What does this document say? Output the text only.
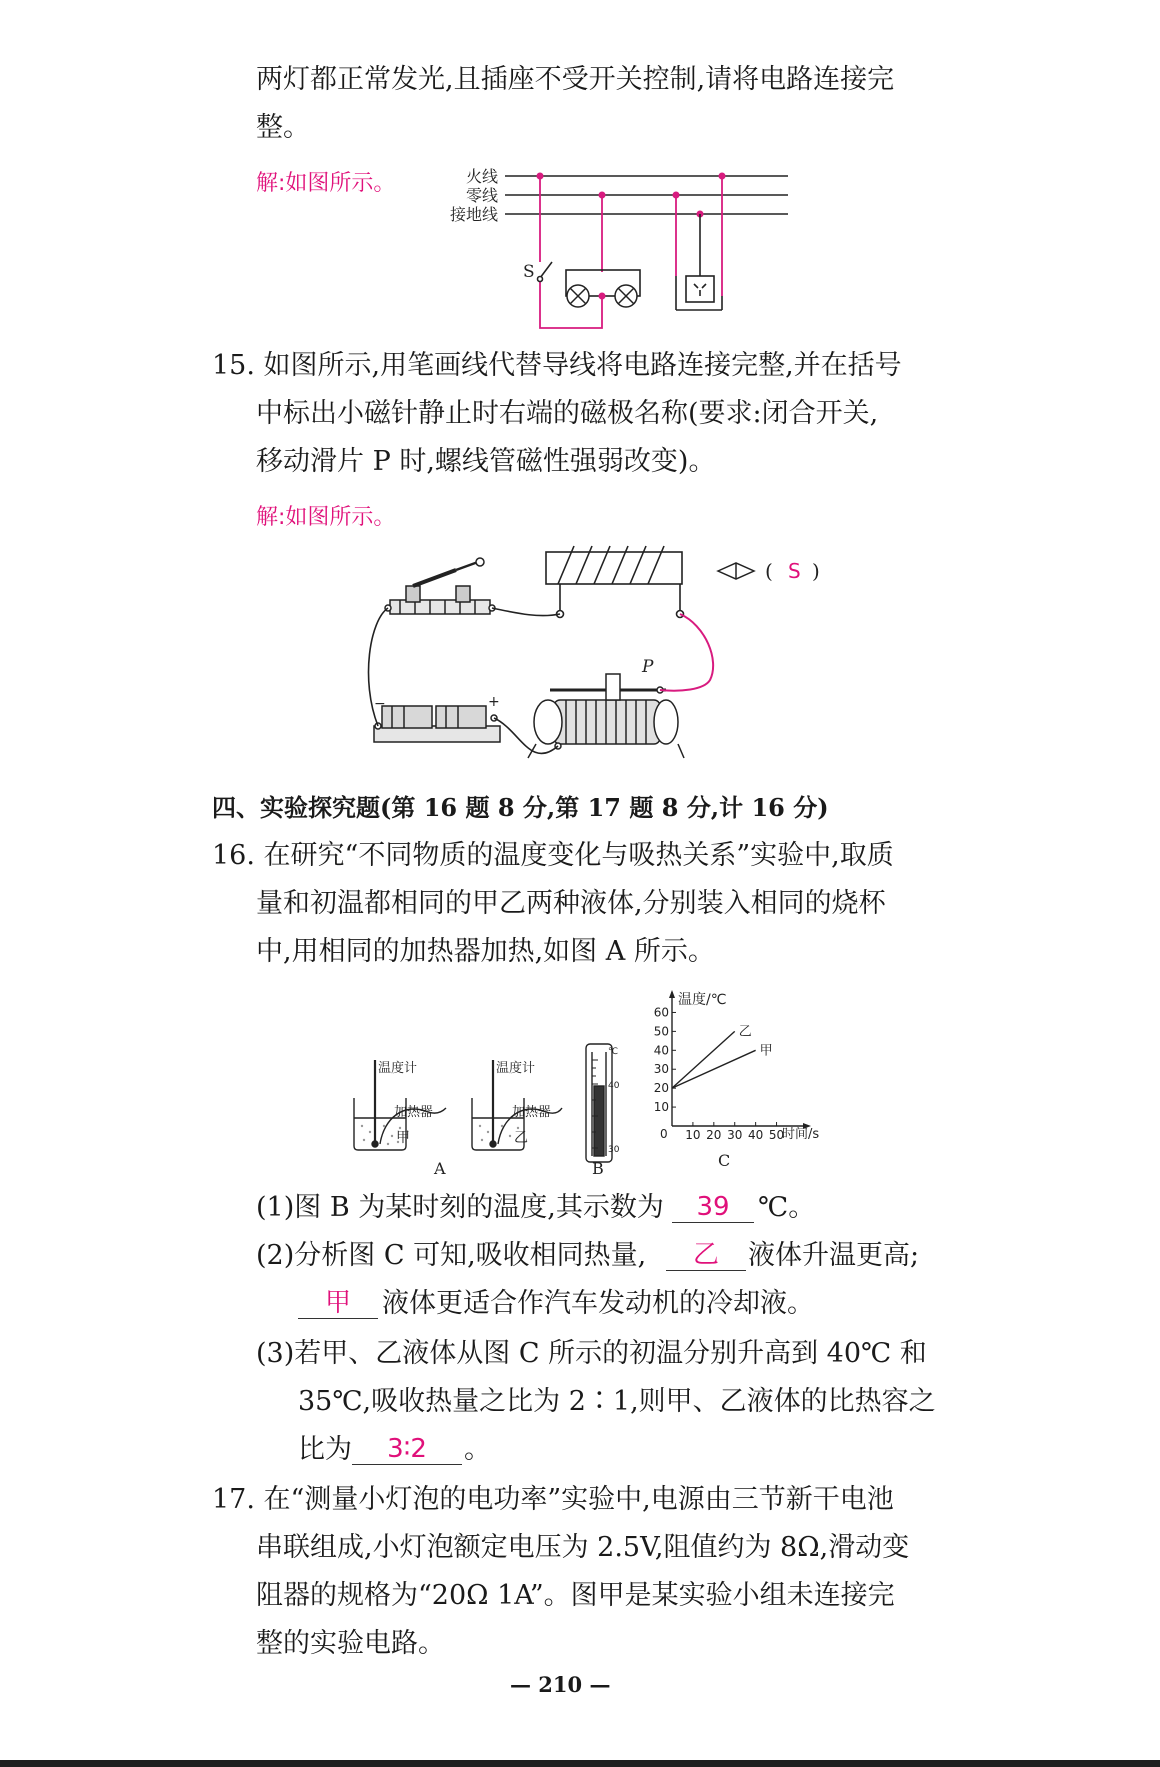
两灯都正常发光,且插座不受开关控制,请将电路连接完
整。
解:如图所示。	火线
零线
接地线
S
15. 如图所示,用笔画线代替导线将电路连接完整,并在括号
中标出小磁针静止时右端的磁极名称(要求:闭合开关,
移动滑片 P 时,螺线管磁性强弱改变)。
解:如图所示。
( S )
−	+
P
四、实验探究题(第 16 题 8 分,第 17 题 8 分,计 16 分)
16. 在研究“不同物质的温度变化与吸热关系”实验中,取质
量和初温都相同的甲乙两种液体,分别装入相同的烧杯
中,用相同的加热器加热,如图 A 所示。
温度计
加热器
甲
A
温度计
加热器
乙
℃
40
30
B
10
20
30
40
50
60
10 20 30 40 50
乙
甲
温度/℃
时间/s
0
C
(1)图 B 为某时刻的温度,其示数为	39	℃。
(2)分析图 C 可知,吸收相同热量,	乙	液体升温更高;
甲	液体更适合作汽车发动机的冷却液。
(3)若甲、乙液体从图 C 所示的初温分别升高到 40℃ 和
35℃,吸收热量之比为 2∶1,则甲、乙液体的比热容之
比为	3∶2	。
17. 在“测量小灯泡的电功率”实验中,电源由三节新干电池
串联组成,小灯泡额定电压为 2.5V,阻值约为 8Ω,滑动变
阻器的规格为“20Ω 1A”。图甲是某实验小组未连接完
整的实验电路。
— 210 —
